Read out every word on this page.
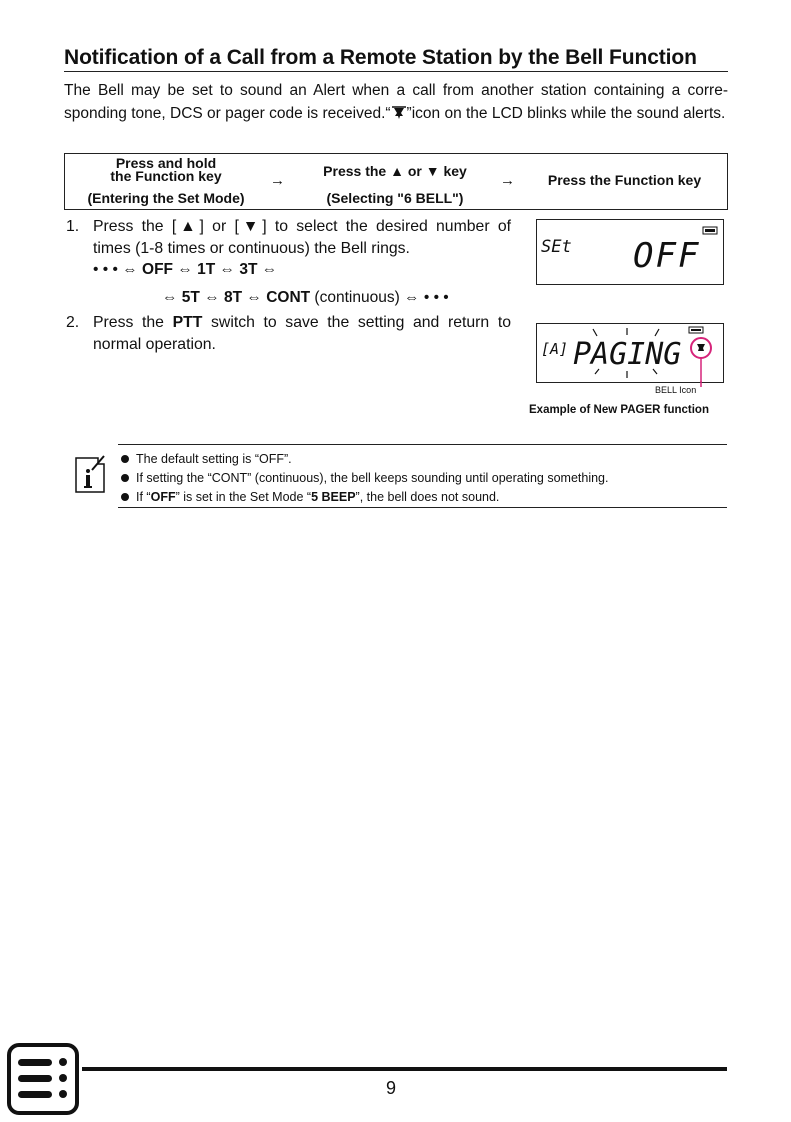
Notification of a Call from a Remote Station by the Bell Function
The Bell may be set to sound an Alert when a call from another station containing a corre-sponding tone, DCS or pager code is received.“ ”icon on the LCD blinks while the sound alerts.
Press and hold
the Function key
(Entering the Set Mode)
→
Press the ▲ or ▼ key
(Selecting "6 BELL")
→	Press the Function key
1. Press the [▲] or [▼] to select the desired number of
times (1-8 times or continuous) the Bell rings.
• • • ⇔ OFF ⇔ 1T ⇔ 3T ⇔
⇔ 5T ⇔ 8T ⇔ CONT (continuous) ⇔ • • •
2. Press the PTT switch to save the setting and return to
normal operation.
SEt OFF
[A] PAGING
BELL Icon
Example of New PAGER function
The default setting is “OFF”.
If setting the “CONT” (continuous), the bell keeps sounding until operating something.
If “OFF” is set in the Set Mode “5 BEEP”, the bell does not sound.
9
